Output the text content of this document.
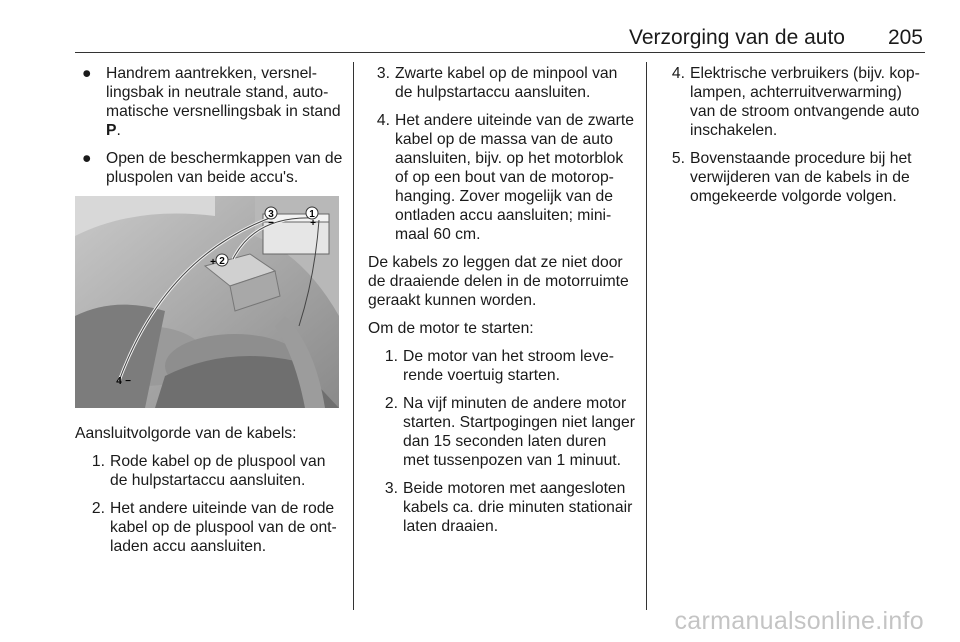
Verzorging van de auto 205
● Handrem aantrekken, versnel-lingsbak in neutrale stand, auto-matische versnellingsbak in stand P.
● Open de beschermkappen van de pluspolen van beide accu's.
3	1
2
4
−	+
+
−
Aansluitvolgorde van de kabels:
1. Rode kabel op de pluspool van de hulpstartaccu aansluiten.
2. Het andere uiteinde van de rode kabel op de pluspool van de ont-laden accu aansluiten.
3. Zwarte kabel op de minpool van de hulpstartaccu aansluiten.
4. Het andere uiteinde van de zwarte kabel op de massa van de auto aansluiten, bijv. op het motorblok of op een bout van de motorop-hanging. Zover mogelijk van de ontladen accu aansluiten; mini-maal 60 cm.
De kabels zo leggen dat ze niet door de draaiende delen in de motorruimte geraakt kunnen worden.
Om de motor te starten:
1. De motor van het stroom leve-rende voertuig starten.
2. Na vijf minuten de andere motor starten. Startpogingen niet langer dan 15 seconden laten duren met tussenpozen van 1 minuut.
3. Beide motoren met aangesloten kabels ca. drie minuten stationair laten draaien.
4. Elektrische verbruikers (bijv. kop-lampen, achterruitverwarming) van de stroom ontvangende auto inschakelen.
5. Bovenstaande procedure bij het verwijderen van de kabels in de omgekeerde volgorde volgen.
carmanualsonline.info
